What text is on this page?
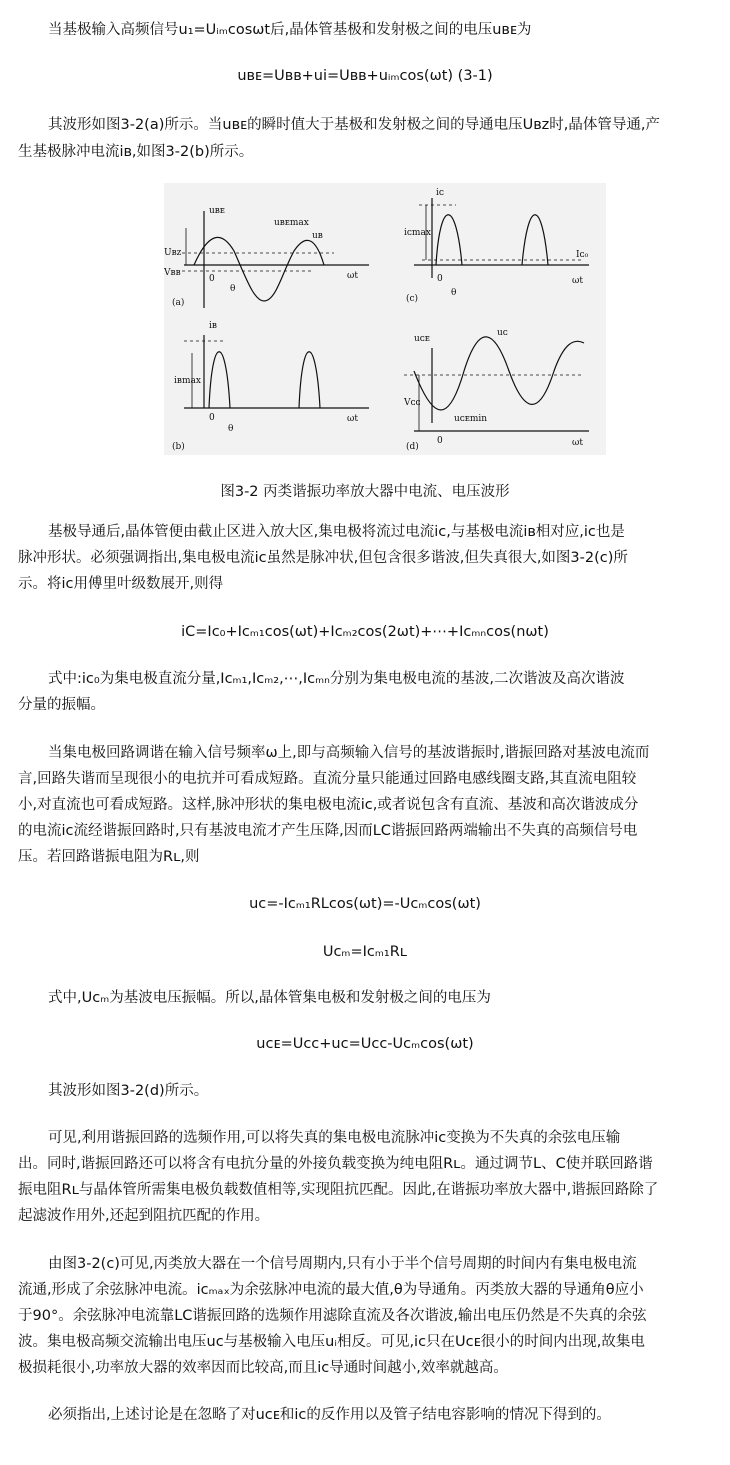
当基极输入高频信号u₁=Uᵢₘcosωt后,晶体管基极和发射极之间的电压uʙᴇ为
uʙᴇ=Uʙʙ+ui=Uʙʙ+uᵢₘcos(ωt) (3-1)
其波形如图3-2(a)所示。当uʙᴇ的瞬时值大于基极和发射极之间的导通电压Uʙᴢ时,晶体管导通,产
生基极脉冲电流iʙ,如图3-2(b)所示。
uʙᴇ
uʙᴇmax
uʙ
Uʙᴢ
Vʙʙ	ωt
0
θ
(a)
iʙ
iʙmax
0
θ
ωt
(b)
iᴄ
iᴄmax
Iᴄ₀
0
θ
ωt
(c)
uᴄᴇ
uᴄ
Vᴄᴄ
uᴄᴇmin
0	ωt
(d)
图3-2 丙类谐振功率放大器中电流、电压波形
基极导通后,晶体管便由截止区进入放大区,集电极将流过电流iᴄ,与基极电流iʙ相对应,iᴄ也是
脉冲形状。必须强调指出,集电极电流iᴄ虽然是脉冲状,但包含很多谐波,但失真很大,如图3-2(c)所
示。将iᴄ用傅里叶级数展开,则得
iC=Iᴄ₀+Iᴄₘ₁cos(ωt)+Iᴄₘ₂cos(2ωt)+⋯+Iᴄₘₙcos(nωt)
式中:iᴄ₀为集电极直流分量,Iᴄₘ₁,Iᴄₘ₂,⋯,Iᴄₘₙ分别为集电极电流的基波,二次谐波及高次谐波
分量的振幅。
当集电极回路调谐在输入信号频率ω上,即与高频输入信号的基波谐振时,谐振回路对基波电流而
言,回路失谐而呈现很小的电抗并可看成短路。直流分量只能通过回路电感线圈支路,其直流电阻较
小,对直流也可看成短路。这样,脉冲形状的集电极电流iᴄ,或者说包含有直流、基波和高次谐波成分
的电流iᴄ流经谐振回路时,只有基波电流才产生压降,因而LC谐振回路两端输出不失真的高频信号电
压。若回路谐振电阻为Rʟ,则
uc=-Iᴄₘ₁RLcos(ωt)=-Uᴄₘcos(ωt)
Uᴄₘ=Iᴄₘ₁Rʟ
式中,Uᴄₘ为基波电压振幅。所以,晶体管集电极和发射极之间的电压为
uᴄᴇ=Uᴄᴄ+uc=Uᴄᴄ-Uᴄₘcos(ωt)
其波形如图3-2(d)所示。
可见,利用谐振回路的选频作用,可以将失真的集电极电流脉冲iᴄ变换为不失真的余弦电压输
出。同时,谐振回路还可以将含有电抗分量的外接负载变换为纯电阻Rʟ。通过调节L、C使并联回路谐
振电阻Rʟ与晶体管所需集电极负载数值相等,实现阻抗匹配。因此,在谐振功率放大器中,谐振回路除了
起滤波作用外,还起到阻抗匹配的作用。
由图3-2(c)可见,丙类放大器在一个信号周期内,只有小于半个信号周期的时间内有集电极电流
流通,形成了余弦脉冲电流。iᴄₘₐₓ为余弦脉冲电流的最大值,θ为导通角。丙类放大器的导通角θ应小
于90°。余弦脉冲电流靠LC谐振回路的选频作用滤除直流及各次谐波,输出电压仍然是不失真的余弦
波。集电极高频交流输出电压uᴄ与基极输入电压uᵢ相反。可见,iᴄ只在Uᴄᴇ很小的时间内出现,故集电
极损耗很小,功率放大器的效率因而比较高,而且iᴄ导通时间越小,效率就越高。
必须指出,上述讨论是在忽略了对uᴄᴇ和iᴄ的反作用以及管子结电容影响的情况下得到的。
